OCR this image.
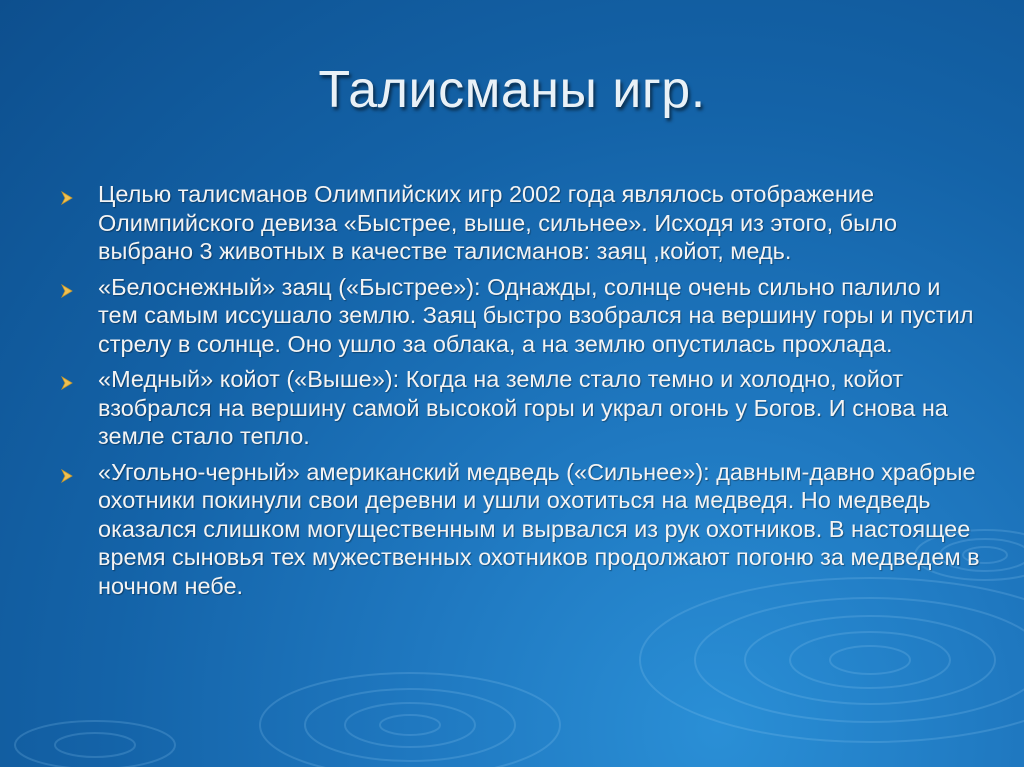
Талисманы игр.
Целью талисманов Олимпийских игр 2002 года являлось отображение Олимпийского девиза «Быстрее, выше, сильнее». Исходя из этого, было выбрано 3 животных в качестве талисманов: заяц ,койот, медь.
«Белоснежный» заяц («Быстрее»): Однажды, солнце очень сильно палило и тем самым иссушало землю. Заяц быстро взобрался на вершину горы и пустил стрелу в солнце. Оно ушло за облака, а на землю опустилась прохлада.
«Медный» койот («Выше»): Когда на земле стало темно и холодно, койот взобрался на вершину самой высокой горы и украл огонь у Богов. И снова на земле стало тепло.
«Угольно-черный» американский медведь («Сильнее»): давным-давно храбрые охотники покинули свои деревни и ушли охотиться на медведя. Но медведь оказался слишком могущественным и вырвался из рук охотников. В настоящее время сыновья тех мужественных охотников продолжают погоню за медведем в ночном небе.
